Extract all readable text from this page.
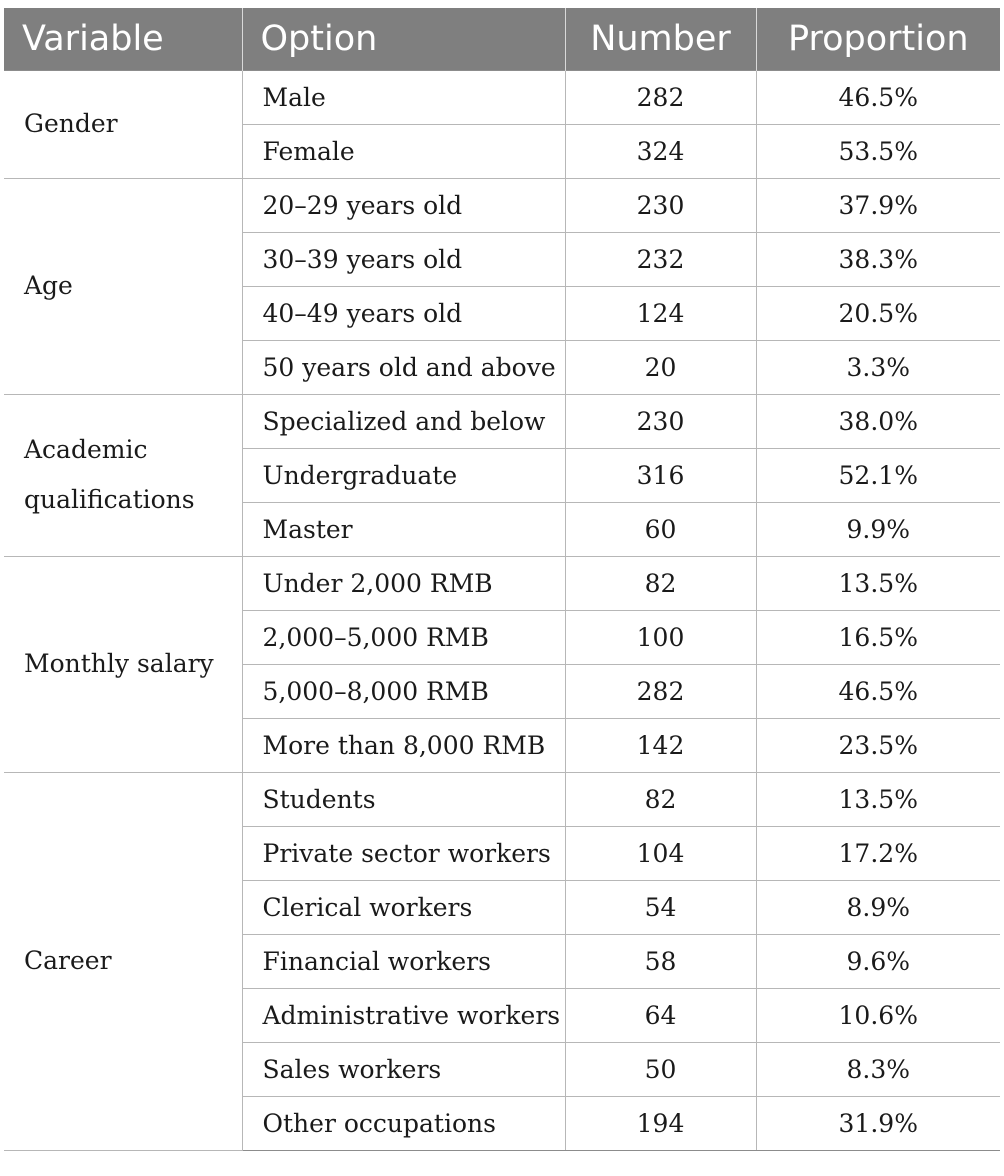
Variable	Option	Number	Proportion
Gender	Male	282	46.5%
	Female	324	53.5%
Age	20–29 years old	230	37.9%
	30–39 years old	232	38.3%
	40–49 years old	124	20.5%
	50 years old and above	20	3.3%
Academic qualifications	Specialized and below	230	38.0%
	Undergraduate	316	52.1%
	Master	60	9.9%
Monthly salary	Under 2,000 RMB	82	13.5%
	2,000–5,000 RMB	100	16.5%
	5,000–8,000 RMB	282	46.5%
	More than 8,000 RMB	142	23.5%
Career	Students	82	13.5%
	Private sector workers	104	17.2%
	Clerical workers	54	8.9%
	Financial workers	58	9.6%
	Administrative workers	64	10.6%
	Sales workers	50	8.3%
	Other occupations	194	31.9%
